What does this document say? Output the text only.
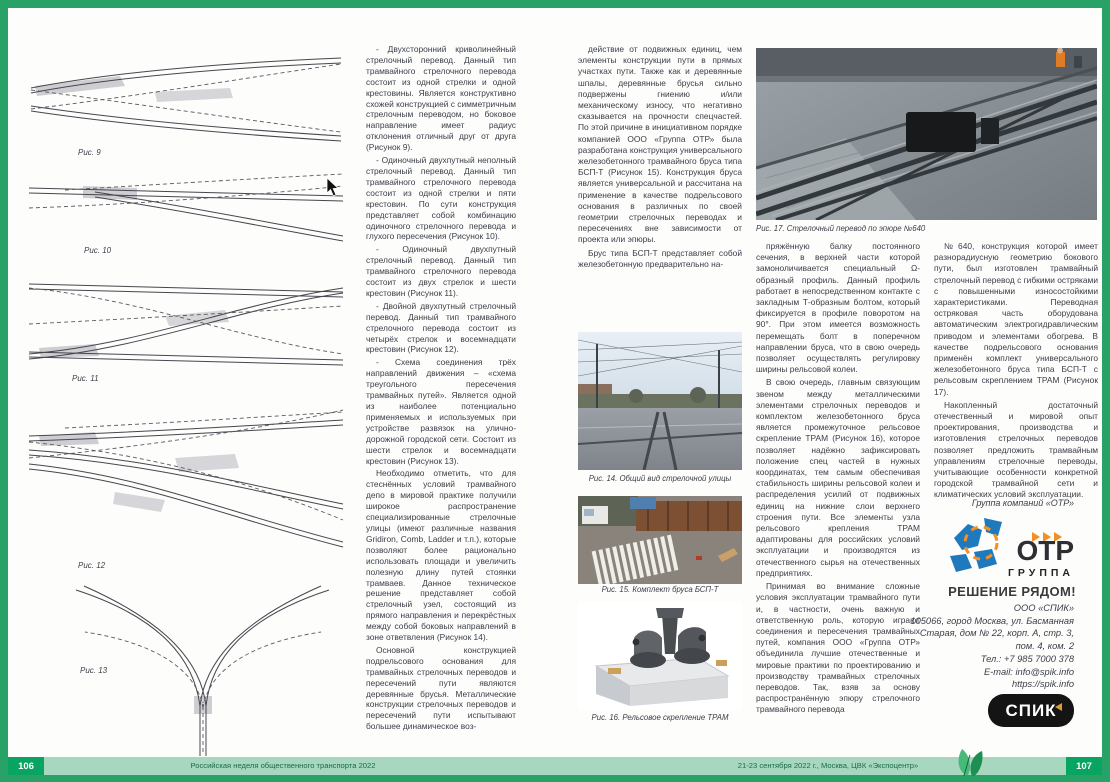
Рис. 9
Рис. 10
Рис. 11
Рис. 12
Рис. 13

- Двухсторонний криволинейный стрелочный перевод. Данный тип трамвайного стрелочного перевода состоит из одной стрелки и одной крестовины. Является конструктивно схожей конструкцией с симметричным стрелочным переводом, но боковое направление имеет радиус отклонения отличный друг от друга (Рисунок 9).

- Одиночный двухпутный неполный стрелочный перевод. Данный тип трамвайного стрелочного перевода состоит из одной стрелки и пяти крестовин. По сути конструкция представляет собой комбинацию одиночного стрелочного перевода и глухого пересечения (Рисунок 10).

- Одиночный двухпутный стрелочный перевод. Данный тип трамвайного стрелочного перевода состоит из двух стрелок и шести крестовин (Рисунок 11).

- Двойной двухпутный стрелочный перевод. Данный тип трамвайного стрелочного перевода состоит из четырёх стрелок и восемнадцати крестовин (Рисунок 12).

- Схема соединения трёх направлений движения – «схема треугольного пересечения трамвайных путей». Является одной из наиболее потенциально применяемых и используемых при устройстве развязок на улично-дорожной городской сети. Состоит из шести стрелок и восемнадцати крестовин (Рисунок 13).

Необходимо отметить, что для стеснённых условий трамвайного депо в мировой практике получили широкое распространение специализированные стрелочные улицы (имеют различные названия Gridiron, Comb, Ladder и т.п.), которые позволяют более рационально использовать площади и увеличить полезную длину путей стоянки трамваев. Данное техническое решение представляет собой стрелочный узел, состоящий из прямого направления и перекрёстных между собой боковых направлений в зоне ответвления (Рисунок 14).

Основной конструкцией подрельсового основания для трамвайных стрелочных переводов и пересечений пути являются деревянные брусья. Металлические конструкции стрелочных переводов и пересечений пути испытывают большее динамическое воз-

Рис. 17. Стрелочный перевод по эпюре №640

действие от подвижных единиц, чем элементы конструкции пути в прямых участках пути. Также как и деревянные шпалы, деревянные брусья сильно подвержены гниению и/или механическому износу, что негативно сказывается на прочности спецчастей. По этой причине в инициативном порядке компанией ООО «Группа ОТР» была разработана конструкция универсального железобетонного трамвайного бруса типа БСП-Т (Рисунок 15). Конструкция бруса является универсальной и рассчитана на применение в качестве подрельсового основания в различных по своей геометрии стрелочных переводах и пересечениях вне зависимости от проекта или эпюры.

Брус типа БСП-Т представляет собой железобетонную предварительно на-

Рис. 14. Общий вид стрелочной улицы
Рис. 15. Комплект бруса БСП-Т
Рис. 16. Рельсовое скрепление ТРАМ

пряжённую балку постоянного сечения, в верхней части которой замоноличивается специальный Ω-образный профиль. Данный профиль работает в непосредственном контакте с закладным Т-образным болтом, который фиксируется в профиле поворотом на 90°. При этом имеется возможность перемещать болт в поперечном направлении бруса, что в свою очередь позволяет осуществлять регулировку ширины рельсовой колеи.

В свою очередь, главным связующим звеном между металлическими элементами стрелочных переводов и комплектом железобетонного бруса является промежуточное рельсовое скрепление ТРАМ (Рисунок 16), которое позволяет надёжно зафиксировать положение спец частей в нужных координатах, тем самым обеспечивая стабильность ширины рельсовой колеи и распределения усилий от подвижных единиц на нижние слои верхнего строения пути. Все элементы узла рельсового крепления ТРАМ адаптированы для российских условий эксплуатации и производятся из отечественного сырья на отечественных предприятиях.

Принимая во внимание сложные условия эксплуатации трамвайного пути и, в частности, очень важную и ответственную роль, которую играют соединения и пересечения трамвайных путей, компания ООО «Группа ОТР» объединила лучшие отечественные и мировые практики по проектированию и производству трамвайных стрелочных переводов. Так, взяв за основу распространённую эпюру стрелочного трамвайного перевода

№640, конструкция которой имеет разнорадиусную геометрию бокового пути, был изготовлен трамвайный стрелочный перевод с гибкими остряками с повышенными износостойкими характеристиками. Переводная остряковая часть оборудована автоматическим электрогидравлическим приводом и элементами обогрева. В качестве подрельсового основания применён комплект универсального железобетонного бруса типа БСП-Т с рельсовым скреплением ТРАМ (Рисунок 17).

Накопленный достаточный отечественный и мировой опыт проектирования, производства и изготовления стрелочных переводов позволяет предложить трамвайным управлениям стрелочные переводы, учитывающие особенности конкретной городской трамвайной сети и климатических условий эксплуатации.

Группа компаний «ОТР»
ОТР
ГРУППА
РЕШЕНИЕ РЯДОМ!
ООО «СПИК»
105066, город Москва, ул. Басманная
Старая, дом № 22, корп. А, стр. 3,
пом. 4, ком. 2
Тел.: +7 985 7000 378
E-mail: info@spik.info
https://spik.info
СПИК
106	Российская неделя общественного транспорта 2022	21-23 сентября 2022 г., Москва, ЦВК «Экспоцентр»	107
